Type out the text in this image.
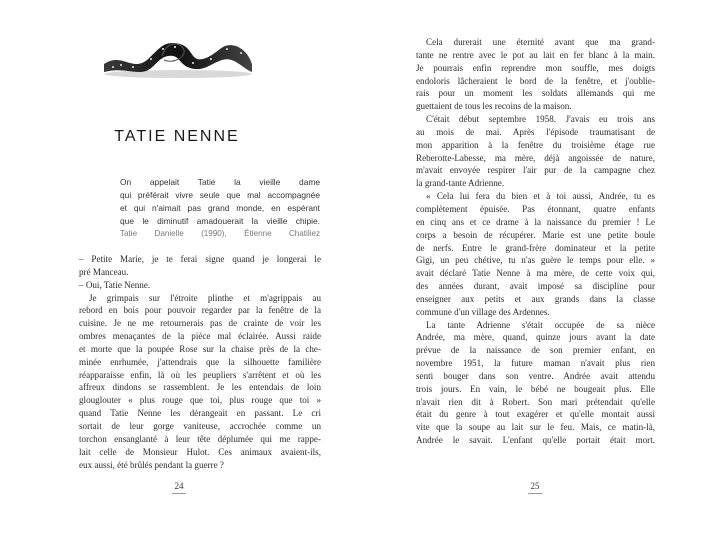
TATIE NENNE
On appelait Tatie la vieille dame
qui préférait vivre seule que mal accompagnée
et qui n'aimait pas grand monde, en espérant
que le diminutif amadouerait la vieille chipie.
Tatie Danielle (1990), Étienne Chatiliez
– Petite Marie, je te ferai signe quand je longerai le
pré Manceau.
– Oui, Tatie Nenne.
Je grimpais sur l'étroite plinthe et m'agrippais au
rebord en bois pour pouvoir regarder par la fenêtre de la
cuisine. Je ne me retournerais pas de crainte de voir les
ombres menaçantes de la pièce mal éclairée. Aussi raide
et morte que la poupée Rose sur la chaise près de la che-
minée enrhumée, j'attendrais que la silhouette familière
réapparaisse enfin, là où les peupliers s'arrêtent et où les
affreux dindons se rassemblent. Je les entendais de loin
glouglouter « plus rouge que toi, plus rouge que toi »
quand Tatie Nenne les dérangeait en passant. Le cri
sortait de leur gorge vaniteuse, accrochée comme un
torchon ensanglanté à leur tête déplumée qui me rappe-
lait celle de Monsieur Hulot. Ces animaux avaient-ils,
eux aussi, été brûlés pendant la guerre ?
24
Cela durerait une éternité avant que ma grand-
tante ne rentre avec le pot au lait en fer blanc à la main.
Je pourrais enfin reprendre mon souffle, mes doigts
endoloris lâcheraient le bord de la fenêtre, et j'oublie-
rais pour un moment les soldats allemands qui me
guettaient de tous les recoins de la maison.
C'était début septembre 1958. J'avais eu trois ans
au mois de mai. Après l'épisode traumatisant de
mon apparition à la fenêtre du troisième étage rue
Reberotte-Labesse, ma mère, déjà angoissée de nature,
m'avait envoyée respirer l'air pur de la campagne chez
la grand-tante Adrienne.
« Cela lui fera du bien et à toi aussi, Andrée, tu es
complètement épuisée. Pas étonnant, quatre enfants
en cinq ans et ce drame à la naissance du premier ! Le
corps a besoin de récupérer. Marie est une petite boule
de nerfs. Entre le grand-frère dominateur et la petite
Gigi, un peu chétive, tu n'as guère le temps pour elle. »
avait déclaré Tatie Nenne à ma mère, de cette voix qui,
des années durant, avait imposé sa discipline pour
enseigner aux petits et aux grands dans la classe
commune d'un village des Ardennes.
La tante Adrienne s'était occupée de sa nièce
Andrée, ma mère, quand, quinze jours avant la date
prévue de la naissance de son premier enfant, en
novembre 1951, la future maman n'avait plus rien
senti bouger dans son ventre. Andrée avait attendu
trois jours. En vain, le bébé ne bougeait plus. Elle
n'avait rien dit à Robert. Son mari prétendait qu'elle
était du genre à tout exagérer et qu'elle montait aussi
vite que la soupe au lait sur le feu. Mais, ce matin-là,
Andrée le savait. L'enfant qu'elle portait était mort.
25
